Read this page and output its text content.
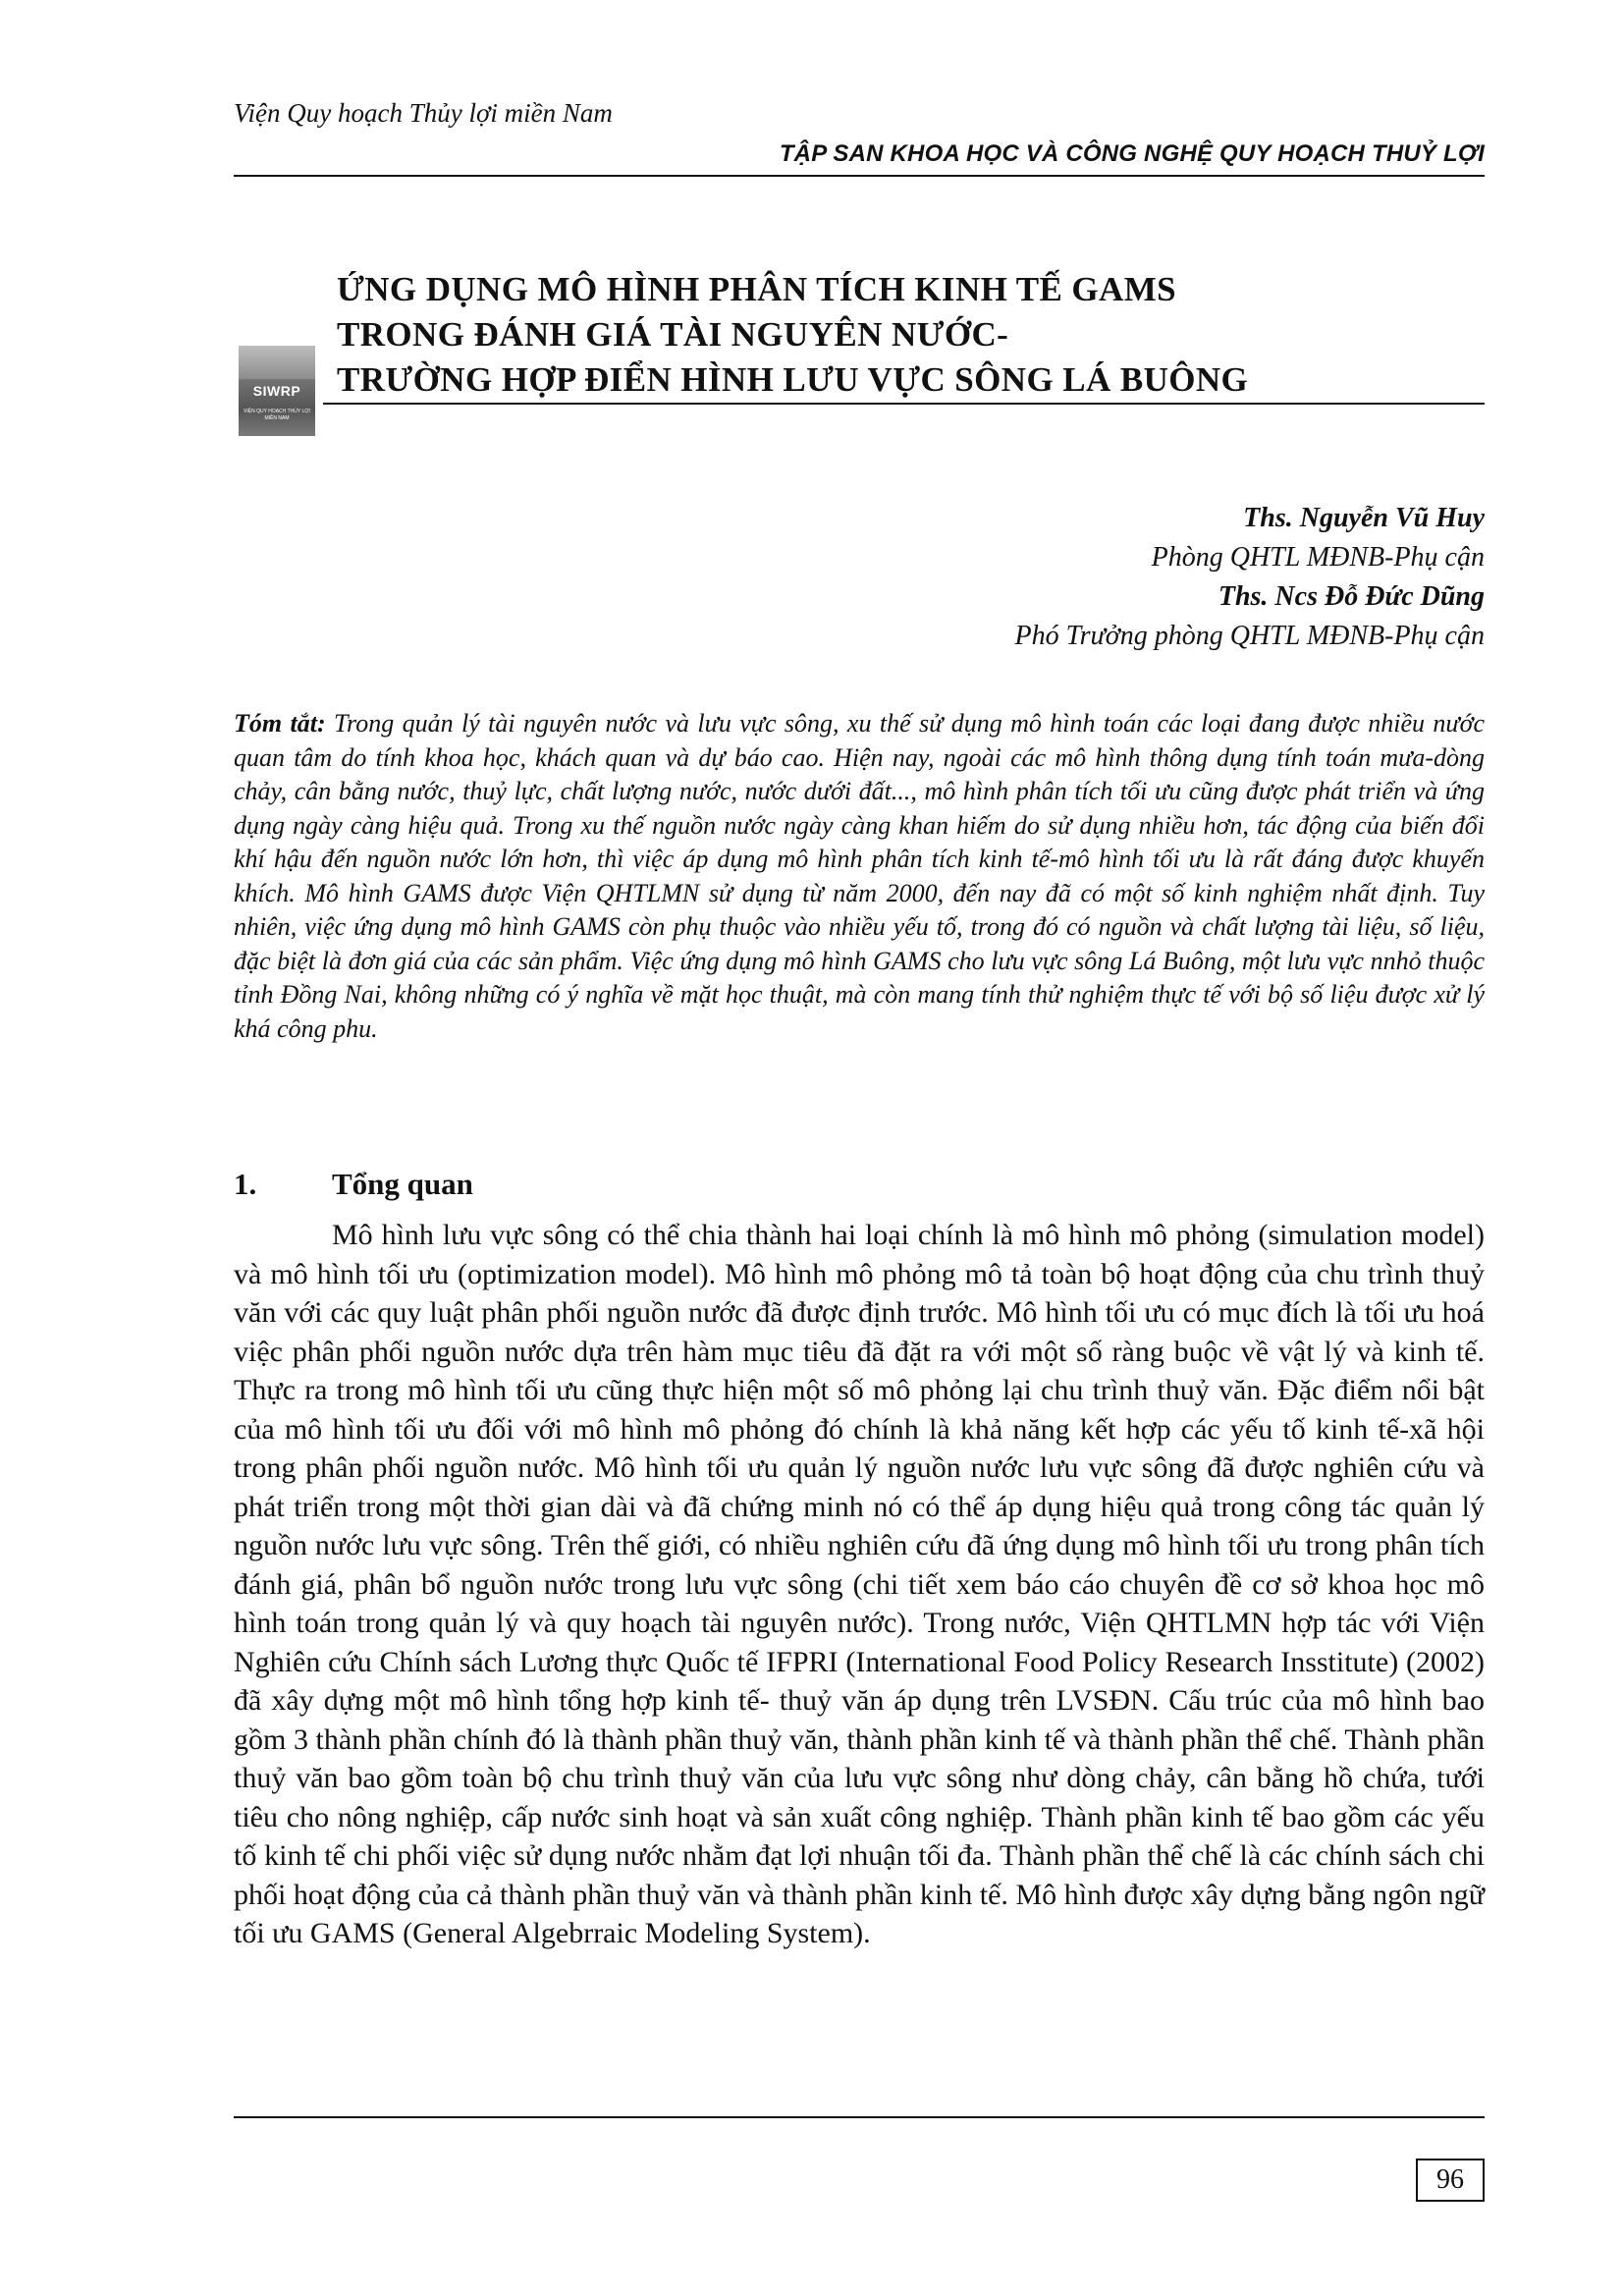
Viện Quy hoạch Thủy lợi miền Nam
TẬP SAN KHOA HỌC VÀ CÔNG NGHỆ QUY HOẠCH THUỶ LỢI
SIWRP
VIỆN QUY HOẠCH THỦY LỢI MIỀN NAM
ỨNG DỤNG MÔ HÌNH PHÂN TÍCH KINH TẾ GAMS
TRONG ĐÁNH GIÁ TÀI NGUYÊN NƯỚC-
TRƯỜNG HỢP ĐIỂN HÌNH LƯU VỰC SÔNG LÁ BUÔNG
Ths. Nguyễn Vũ Huy
Phòng QHTL MĐNB-Phụ cận
Ths. Ncs Đỗ Đức Dũng
Phó Trưởng phòng QHTL MĐNB-Phụ cận
Tóm tắt: Trong quản lý tài nguyên nước và lưu vực sông, xu thế sử dụng mô hình toán các loại đang được nhiều nước quan tâm do tính khoa học, khách quan và dự báo cao. Hiện nay, ngoài các mô hình thông dụng tính toán mưa-dòng chảy, cân bằng nước, thuỷ lực, chất lượng nước, nước dưới đất..., mô hình phân tích tối ưu cũng được phát triển và ứng dụng ngày càng hiệu quả. Trong xu thế nguồn nước ngày càng khan hiếm do sử dụng nhiều hơn, tác động của biến đổi khí hậu đến nguồn nước lớn hơn, thì việc áp dụng mô hình phân tích kinh tế-mô hình tối ưu là rất đáng được khuyến khích. Mô hình GAMS được Viện QHTLMN sử dụng từ năm 2000, đến nay đã có một số kinh nghiệm nhất định. Tuy nhiên, việc ứng dụng mô hình GAMS còn phụ thuộc vào nhiều yếu tố, trong đó có nguồn và chất lượng tài liệu, số liệu, đặc biệt là đơn giá của các sản phẩm. Việc ứng dụng mô hình GAMS cho lưu vực sông Lá Buông, một lưu vực nnhỏ thuộc tỉnh Đồng Nai, không những có ý nghĩa về mặt học thuật, mà còn mang tính thử nghiệm thực tế với bộ số liệu được xử lý khá công phu.
1. Tổng quan

Mô hình lưu vực sông có thể chia thành hai loại chính là mô hình mô phỏng (simulation model) và mô hình tối ưu (optimization model). Mô hình mô phỏng mô tả toàn bộ hoạt động của chu trình thuỷ văn với các quy luật phân phối nguồn nước đã được định trước. Mô hình tối ưu có mục đích là tối ưu hoá việc phân phối nguồn nước dựa trên hàm mục tiêu đã đặt ra với một số ràng buộc về vật lý và kinh tế. Thực ra trong mô hình tối ưu cũng thực hiện một số mô phỏng lại chu trình thuỷ văn. Đặc điểm nổi bật của mô hình tối ưu đối với mô hình mô phỏng đó chính là khả năng kết hợp các yếu tố kinh tế-xã hội trong phân phối nguồn nước. Mô hình tối ưu quản lý nguồn nước lưu vực sông đã được nghiên cứu và phát triển trong một thời gian dài và đã chứng minh nó có thể áp dụng hiệu quả trong công tác quản lý nguồn nước lưu vực sông. Trên thế giới, có nhiều nghiên cứu đã ứng dụng mô hình tối ưu trong phân tích đánh giá, phân bổ nguồn nước trong lưu vực sông (chi tiết xem báo cáo chuyên đề cơ sở khoa học mô hình toán trong quản lý và quy hoạch tài nguyên nước). Trong nước, Viện QHTLMN hợp tác với Viện Nghiên cứu Chính sách Lương thực Quốc tế IFPRI (International Food Policy Research Insstitute) (2002) đã xây dựng một mô hình tổng hợp kinh tế- thuỷ văn áp dụng trên LVSĐN. Cấu trúc của mô hình bao gồm 3 thành phần chính đó là thành phần thuỷ văn, thành phần kinh tế và thành phần thể chế. Thành phần thuỷ văn bao gồm toàn bộ chu trình thuỷ văn của lưu vực sông như dòng chảy, cân bằng hồ chứa, tưới tiêu cho nông nghiệp, cấp nước sinh hoạt và sản xuất công nghiệp. Thành phần kinh tế bao gồm các yếu tố kinh tế chi phối việc sử dụng nước nhằm đạt lợi nhuận tối đa. Thành phần thể chế là các chính sách chi phối hoạt động của cả thành phần thuỷ văn và thành phần kinh tế. Mô hình được xây dựng bằng ngôn ngữ tối ưu GAMS (General Algebrraic Modeling System).

96
